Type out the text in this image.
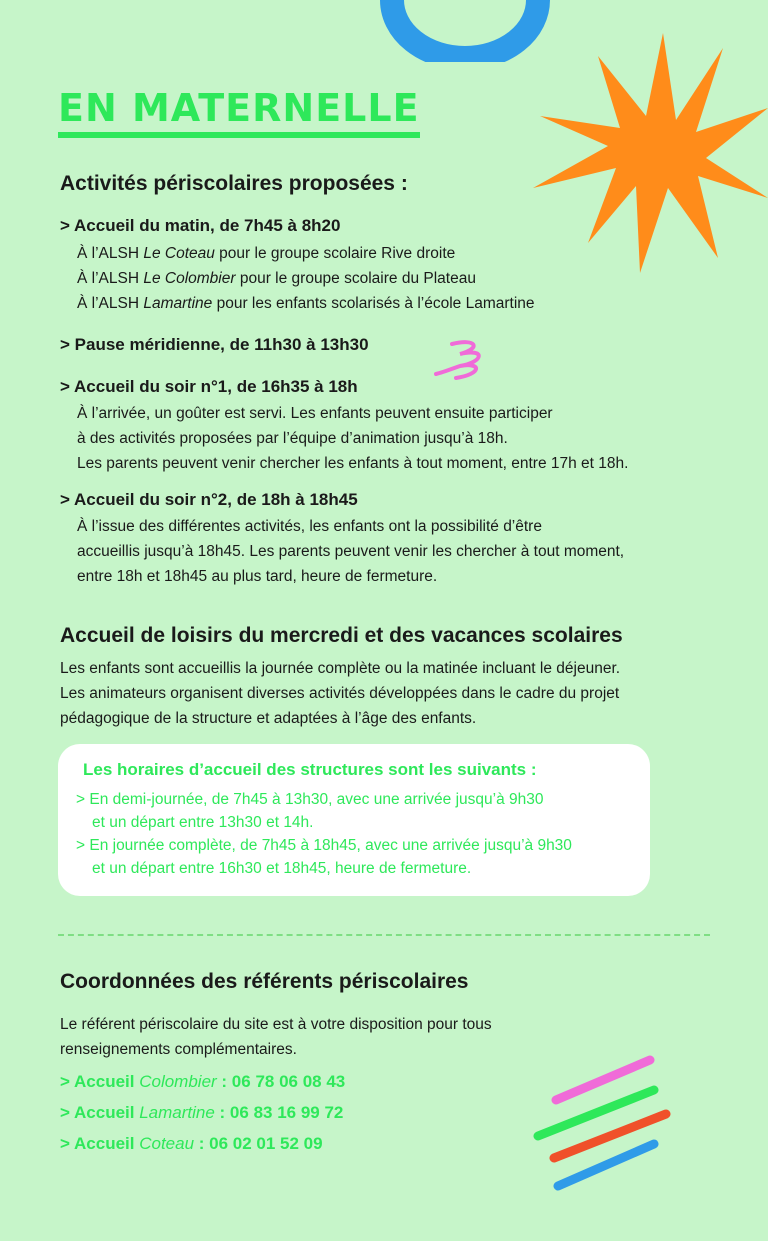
EN MATERNELLE
Activités périscolaires proposées :
> Accueil du matin, de 7h45 à 8h20
À l’ALSH Le Coteau pour le groupe scolaire Rive droite
À l’ALSH Le Colombier pour le groupe scolaire du Plateau
À l’ALSH Lamartine pour les enfants scolarisés à l’école Lamartine
> Pause méridienne, de 11h30 à 13h30
> Accueil du soir n°1, de 16h35 à 18h
À l’arrivée, un goûter est servi. Les enfants peuvent ensuite participer
à des activités proposées par l’équipe d’animation jusqu’à 18h.
Les parents peuvent venir chercher les enfants à tout moment, entre 17h et 18h.
> Accueil du soir n°2, de 18h à 18h45
À l’issue des différentes activités, les enfants ont la possibilité d’être
accueillis jusqu’à 18h45. Les parents peuvent venir les chercher à tout moment,
entre 18h et 18h45 au plus tard, heure de fermeture.
Accueil de loisirs du mercredi et des vacances scolaires
Les enfants sont accueillis la journée complète ou la matinée incluant le déjeuner.
Les animateurs organisent diverses activités développées dans le cadre du projet
pédagogique de la structure et adaptées à l’âge des enfants.
Les horaires d’accueil des structures sont les suivants :
> En demi-journée, de 7h45 à 13h30, avec une arrivée jusqu’à 9h30
et un départ entre 13h30 et 14h.
> En journée complète, de 7h45 à 18h45, avec une arrivée jusqu’à 9h30
et un départ entre 16h30 et 18h45, heure de fermeture.
Coordonnées des référents périscolaires
Le référent périscolaire du site est à votre disposition pour tous
renseignements complémentaires.
> Accueil Colombier : 06 78 06 08 43
> Accueil Lamartine : 06 83 16 99 72
> Accueil Coteau : 06 02 01 52 09
